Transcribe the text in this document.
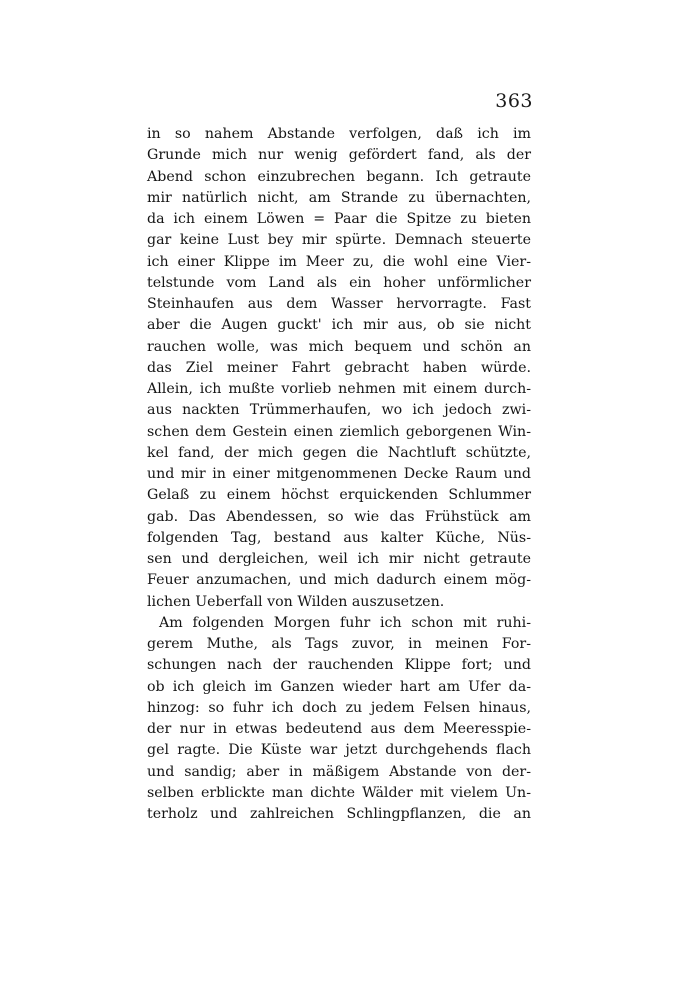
363
in so nahem Abstande verfolgen, daß ich im
Grunde mich nur wenig gefördert fand, als der
Abend schon einzubrechen begann. Ich getraute
mir natürlich nicht, am Strande zu übernachten,
da ich einem Löwen = Paar die Spitze zu bieten
gar keine Lust bey mir spürte. Demnach steuerte
ich einer Klippe im Meer zu, die wohl eine Vier-
telstunde vom Land als ein hoher unförmlicher
Steinhaufen aus dem Wasser hervorragte. Fast
aber die Augen guckt' ich mir aus, ob sie nicht
rauchen wolle, was mich bequem und schön an
das Ziel meiner Fahrt gebracht haben würde.
Allein, ich mußte vorlieb nehmen mit einem durch-
aus nackten Trümmerhaufen, wo ich jedoch zwi-
schen dem Gestein einen ziemlich geborgenen Win-
kel fand, der mich gegen die Nachtluft schützte,
und mir in einer mitgenommenen Decke Raum und
Gelaß zu einem höchst erquickenden Schlummer
gab. Das Abendessen, so wie das Frühstück am
folgenden Tag, bestand aus kalter Küche, Nüs-
sen und dergleichen, weil ich mir nicht getraute
Feuer anzumachen, und mich dadurch einem mög-
lichen Ueberfall von Wilden auszusetzen.
Am folgenden Morgen fuhr ich schon mit ruhi-
gerem Muthe, als Tags zuvor, in meinen For-
schungen nach der rauchenden Klippe fort; und
ob ich gleich im Ganzen wieder hart am Ufer da-
hinzog: so fuhr ich doch zu jedem Felsen hinaus,
der nur in etwas bedeutend aus dem Meeresspie-
gel ragte. Die Küste war jetzt durchgehends flach
und sandig; aber in mäßigem Abstande von der-
selben erblickte man dichte Wälder mit vielem Un-
terholz und zahlreichen Schlingpflanzen, die an
